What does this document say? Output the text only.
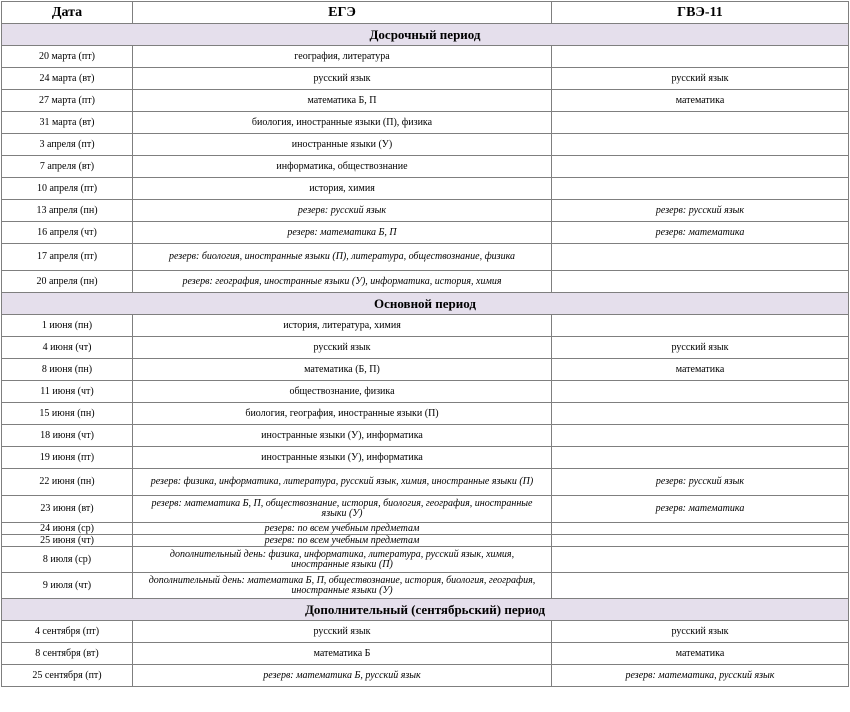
Дата	ЕГЭ	ГВЭ-11
Досрочный период		
20 марта (пт)	география, литература	
24 марта (вт)	русский язык	русский язык
27 марта (пт)	математика Б, П	математика
31 марта (вт)	биология, иностранные языки (П), физика	
3 апреля (пт)	иностранные языки (У)	
7 апреля (вт)	информатика, обществознание	
10 апреля (пт)	история, химия	
13 апреля (пн)	резерв: русский язык	резерв: русский язык
16 апреля (чт)	резерв: математика Б, П	резерв: математика
17 апреля (пт)	резерв: биология, иностранные языки (П), литература, обществознание, физика	
20 апреля (пн)	резерв: география, иностранные языки (У), информатика, история, химия	
Основной период		
1 июня (пн)	история, литература, химия	
4 июня (чт)	русский язык	русский язык
8 июня (пн)	математика (Б, П)	математика
11 июня (чт)	обществознание, физика	
15 июня (пн)	биология, география, иностранные языки (П)	
18 июня (чт)	иностранные языки (У), информатика	
19 июня (пт)	иностранные языки (У), информатика	
22 июня (пн)	резерв: физика, информатика, литература, русский язык, химия, иностранные языки (П)	резерв: русский язык
23 июня (вт)	резерв: математика Б, П, обществознание, история, биология, география, иностранные языки (У)	резерв: математика
24 июня (ср)	резерв: по всем учебным предметам	
25 июня (чт)	резерв: по всем учебным предметам	
8 июля (ср)	дополнительный день: физика, информатика, литература, русский язык, химия, иностранные языки (П)	
9 июля (чт)	дополнительный день: математика Б, П, обществознание, история, биология, география, иностранные языки (У)	
Дополнительный (сентябрьский) период		
4 сентября (пт)	русский язык	русский язык
8 сентября (вт)	математика Б	математика
25 сентября (пт)	резерв: математика Б, русский язык	резерв: математика, русский язык
